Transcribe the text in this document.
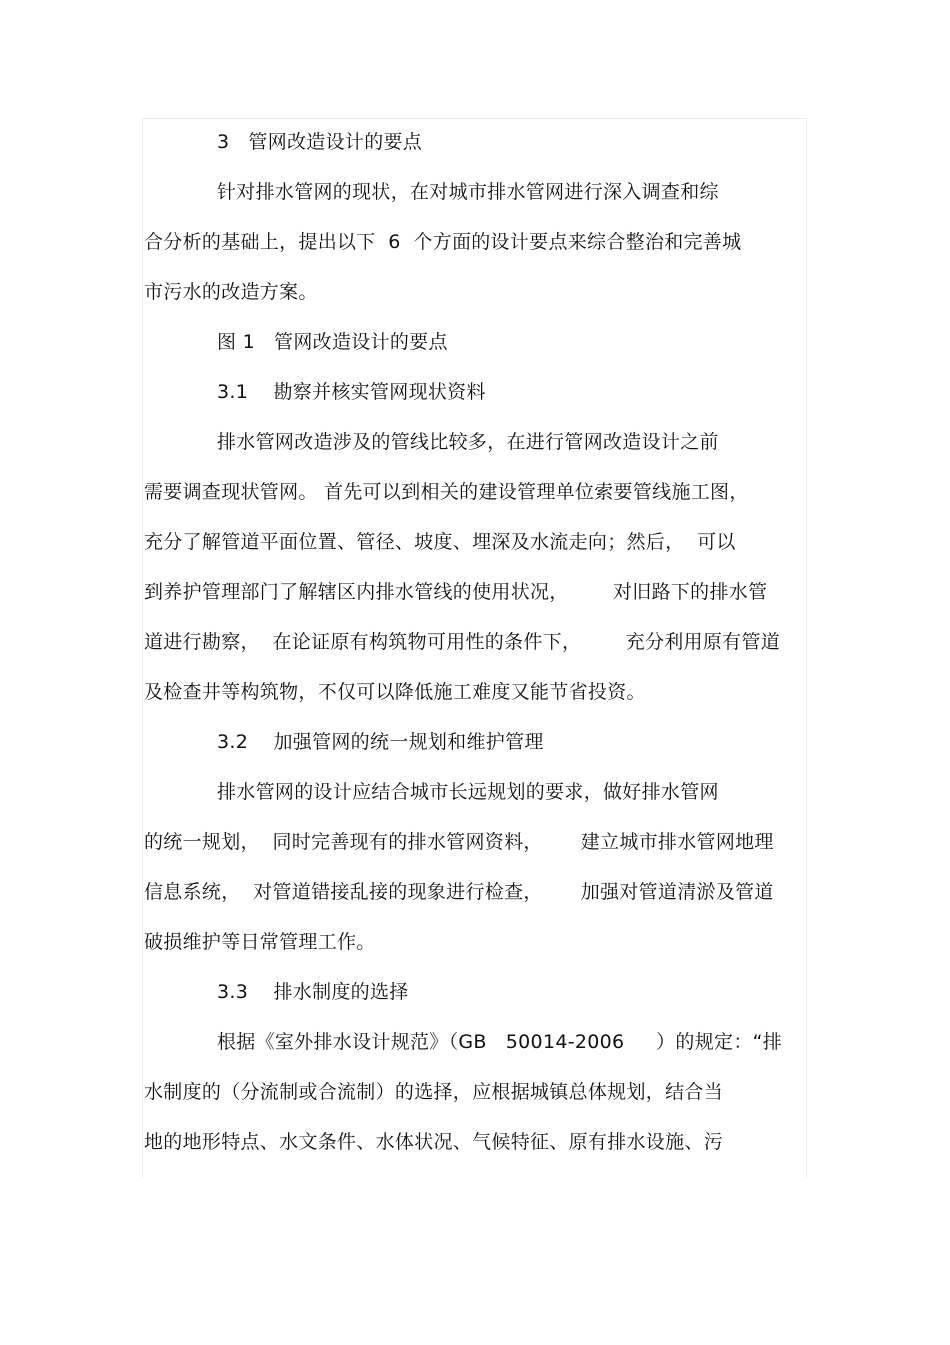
3   管网改造设计的要点
针对排水管网的现状，在对城市排水管网进行深入调查和综
合分析的基础上，提出以下  6  个方面的设计要点来综合整治和完善城
市污水的改造方案。
图 1   管网改造设计的要点
3.1    勘察并核实管网现状资料
排水管网改造涉及的管线比较多，在进行管网改造设计之前
需要调查现状管网。 首先可以到相关的建设管理单位索要管线施工图，
充分了解管道平面位置、管径、坡度、埋深及水流走向；然后，  可以
到养护管理部门了解辖区内排水管线的使用状况，       对旧路下的排水管
道进行勘察，  在论证原有构筑物可用性的条件下，       充分利用原有管道
及检查井等构筑物，不仅可以降低施工难度又能节省投资。
3.2    加强管网的统一规划和维护管理
排水管网的设计应结合城市长远规划的要求，做好排水管网
的统一规划，  同时完善现有的排水管网资料，      建立城市排水管网地理
信息系统，  对管道错接乱接的现象进行检查，      加强对管道清淤及管道
破损维护等日常管理工作。
3.3    排水制度的选择
根据《室外排水设计规范》（GB   50014-2006     ）的规定：“排
水制度的（分流制或合流制）的选择，应根据城镇总体规划，结合当
地的地形特点、水文条件、水体状况、气候特征、原有排水设施、污
